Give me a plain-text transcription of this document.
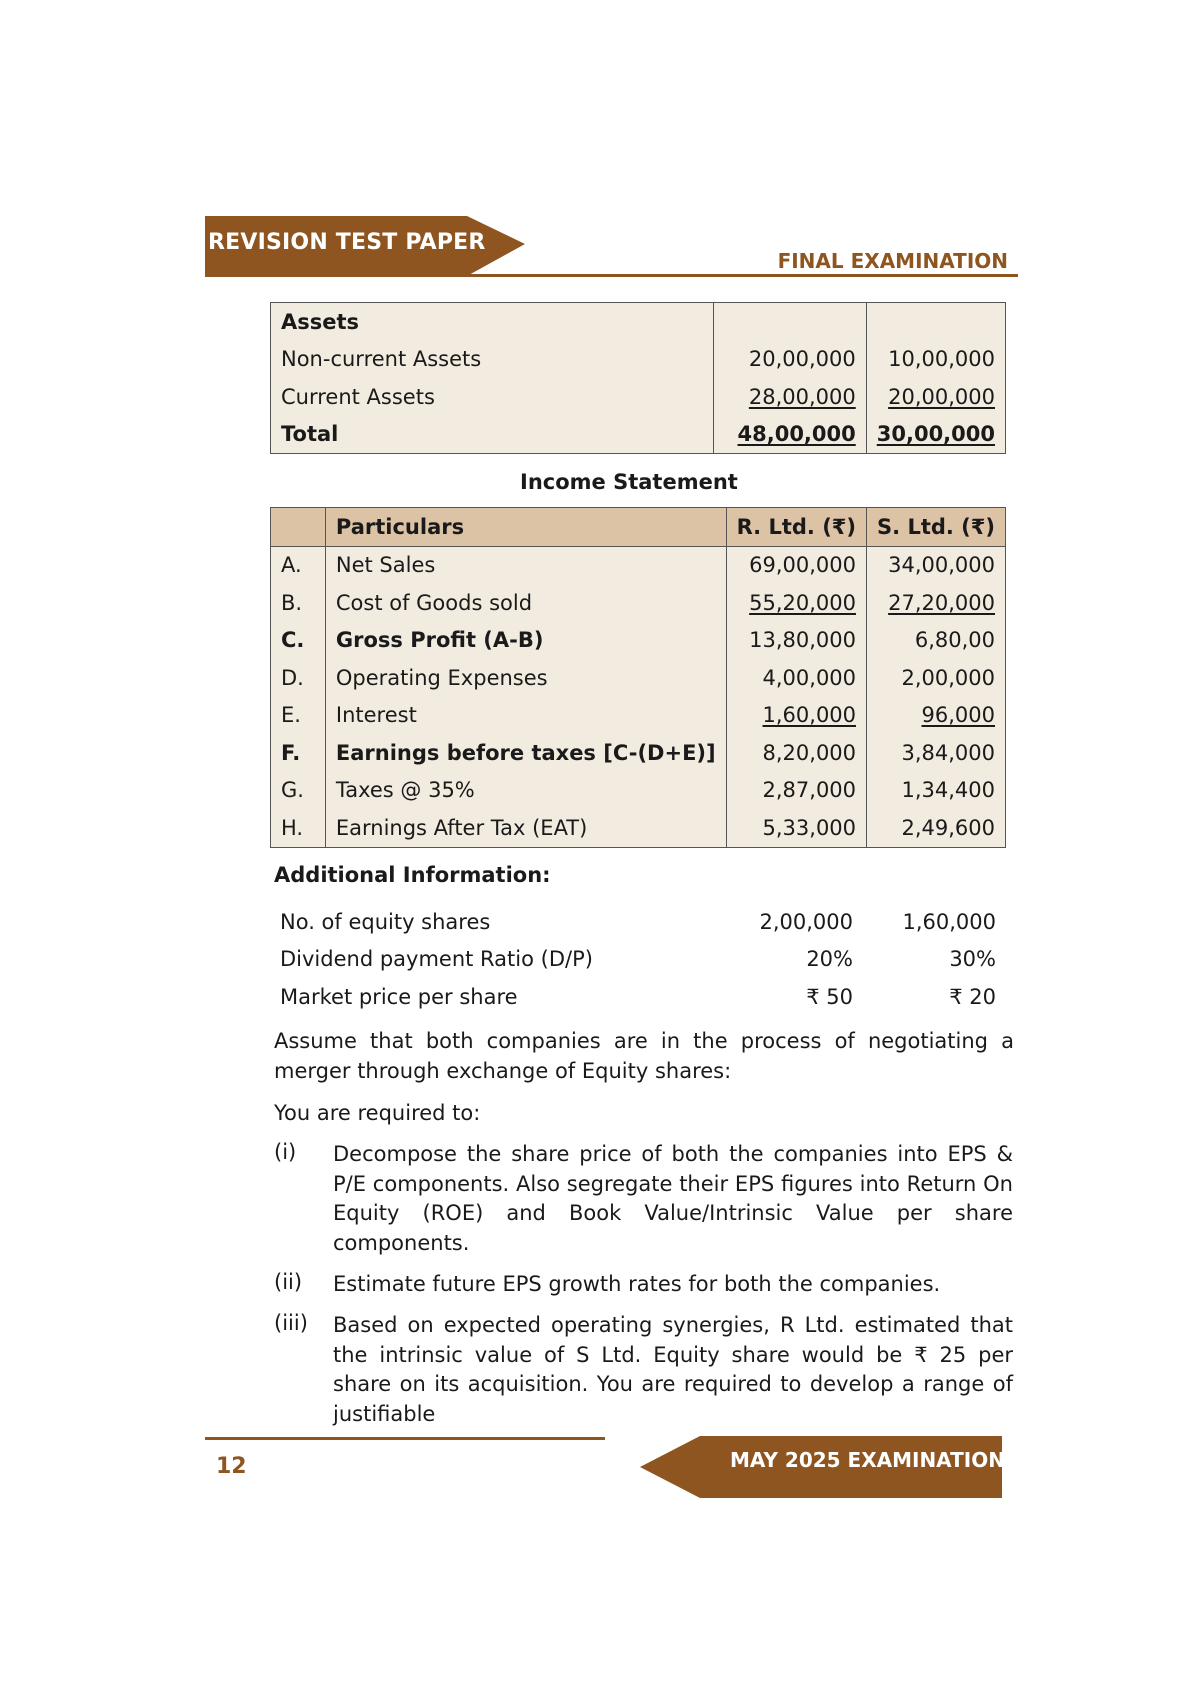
REVISION TEST PAPER
FINAL EXAMINATION
Assets		
Non-current Assets	20,00,000	10,00,000
Current Assets	28,00,000	20,00,000
Total	48,00,000	30,00,000
Income Statement
	Particulars	R. Ltd. (₹)	S. Ltd. (₹)
A.	Net Sales	69,00,000	34,00,000
B.	Cost of Goods sold	55,20,000	27,20,000
C.	Gross Profit (A-B)	13,80,000	6,80,00
D.	Operating Expenses	4,00,000	2,00,000
E.	Interest	1,60,000	96,000
F.	Earnings before taxes [C-(D+E)]	8,20,000	3,84,000
G.	Taxes @ 35%	2,87,000	1,34,400
H.	Earnings After Tax (EAT)	5,33,000	2,49,600
Additional Information:
No. of equity shares	2,00,000	1,60,000
Dividend payment Ratio (D/P)	20%	30%
Market price per share	₹ 50	₹ 20
Assume that both companies are in the process of negotiating a merger through exchange of Equity shares:
You are required to:
(i) Decompose the share price of both the companies into EPS & P/E components. Also segregate their EPS figures into Return On Equity (ROE) and Book Value/Intrinsic Value per share components.
(ii) Estimate future EPS growth rates for both the companies.
(iii) Based on expected operating synergies, R Ltd. estimated that the intrinsic value of S Ltd. Equity share would be ₹ 25 per share on its acquisition. You are required to develop a range of justifiable
MAY 2025 EXAMINATION
12
